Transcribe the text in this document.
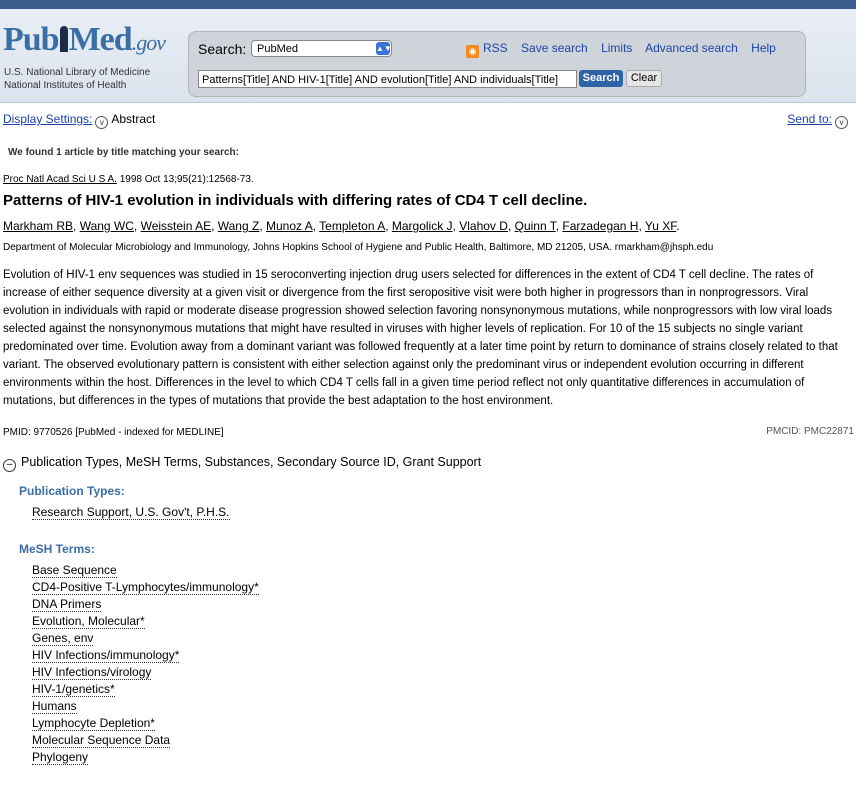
Pub Med.gov
U.S. National Library of Medicine
National Institutes of Health
Search: PubMed	▲▼
Patterns[Title] AND HIV-1[Title] AND evolution[Title] AND individuals[Title]	Search	Clear
◉ RSS Save search Limits Advanced search Help
Display Settings: v Abstract	Send to: v
We found 1 article by title matching your search:
Proc Natl Acad Sci U S A. 1998 Oct 13;95(21):12568-73.
Patterns of HIV-1 evolution in individuals with differing rates of CD4 T cell decline.
Markham RB, Wang WC, Weisstein AE, Wang Z, Munoz A, Templeton A, Margolick J, Vlahov D, Quinn T, Farzadegan H, Yu XF.
Department of Molecular Microbiology and Immunology, Johns Hopkins School of Hygiene and Public Health, Baltimore, MD 21205, USA. rmarkham@jhsph.edu
Evolution of HIV-1 env sequences was studied in 15 seroconverting injection drug users selected for differences in the extent of CD4 T cell decline. The rates of increase of either sequence diversity at a given visit or divergence from the first seropositive visit were both higher in progressors than in nonprogressors. Viral evolution in individuals with rapid or moderate disease progression showed selection favoring nonsynonymous mutations, while nonprogressors with low viral loads selected against the nonsynonymous mutations that might have resulted in viruses with higher levels of replication. For 10 of the 15 subjects no single variant predominated over time. Evolution away from a dominant variant was followed frequently at a later time point by return to dominance of strains closely related to that variant. The observed evolutionary pattern is consistent with either selection against only the predominant virus or independent evolution occurring in different environments within the host. Differences in the level to which CD4 T cells fall in a given time period reflect not only quantitative differences in accumulation of mutations, but differences in the types of mutations that provide the best adaptation to the host environment.
PMID: 9770526 [PubMed - indexed for MEDLINE]	PMCID: PMC22871
– Publication Types, MeSH Terms, Substances, Secondary Source ID, Grant Support
Publication Types:
Research Support, U.S. Gov't, P.H.S.
MeSH Terms:
Base Sequence
CD4-Positive T-Lymphocytes/immunology*
DNA Primers
Evolution, Molecular*
Genes, env
HIV Infections/immunology*
HIV Infections/virology
HIV-1/genetics*
Humans
Lymphocyte Depletion*
Molecular Sequence Data
Phylogeny
